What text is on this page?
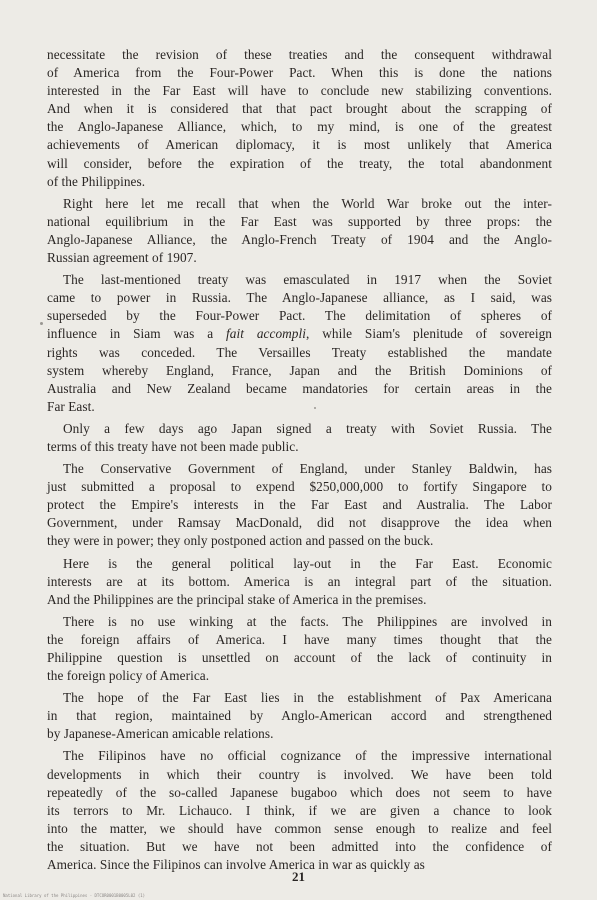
necessitate the revision of these treaties and the consequent withdrawal
of America from the Four-Power Pact. When this is done the nations
interested in the Far East will have to conclude new stabilizing conventions.
And when it is considered that that pact brought about the scrapping of
the Anglo-Japanese Alliance, which, to my mind, is one of the greatest
achievements of American diplomacy, it is most unlikely that America
will consider, before the expiration of the treaty, the total abandonment
of the Philippines.
Right here let me recall that when the World War broke out the inter-
national equilibrium in the Far East was supported by three props: the
Anglo-Japanese Alliance, the Anglo-French Treaty of 1904 and the Anglo-
Russian agreement of 1907.
The last-mentioned treaty was emasculated in 1917 when the Soviet
came to power in Russia. The Anglo-Japanese alliance, as I said, was
superseded by the Four-Power Pact. The delimitation of spheres of
influence in Siam was a fait accompli, while Siam's plenitude of sovereign
rights was conceded. The Versailles Treaty established the mandate
system whereby England, France, Japan and the British Dominions of
Australia and New Zealand became mandatories for certain areas in the
Far East.
Only a few days ago Japan signed a treaty with Soviet Russia. The
terms of this treaty have not been made public.
The Conservative Government of England, under Stanley Baldwin, has
just submitted a proposal to expend $250,000,000 to fortify Singapore to
protect the Empire's interests in the Far East and Australia. The Labor
Government, under Ramsay MacDonald, did not disapprove the idea when
they were in power; they only postponed action and passed on the buck.
Here is the general political lay-out in the Far East. Economic
interests are at its bottom. America is an integral part of the situation.
And the Philippines are the principal stake of America in the premises.
There is no use winking at the facts. The Philippines are involved in
the foreign affairs of America. I have many times thought that the
Philippine question is unsettled on account of the lack of continuity in
the foreign policy of America.
The hope of the Far East lies in the establishment of Pax Americana
in that region, maintained by Anglo-American accord and strengthened
by Japanese-American amicable relations.
The Filipinos have no official cognizance of the impressive international
developments in which their country is involved. We have been told
repeatedly of the so-called Japanese bugaboo which does not seem to have
its terrors to Mr. Lichauco. I think, if we are given a chance to look
into the matter, we should have common sense enough to realize and feel
the situation. But we have not been admitted into the confidence of
America. Since the Filipinos can involve America in war as quickly as
21
National Library of the Philippines · DTCOR0001B0005L02 (1)
